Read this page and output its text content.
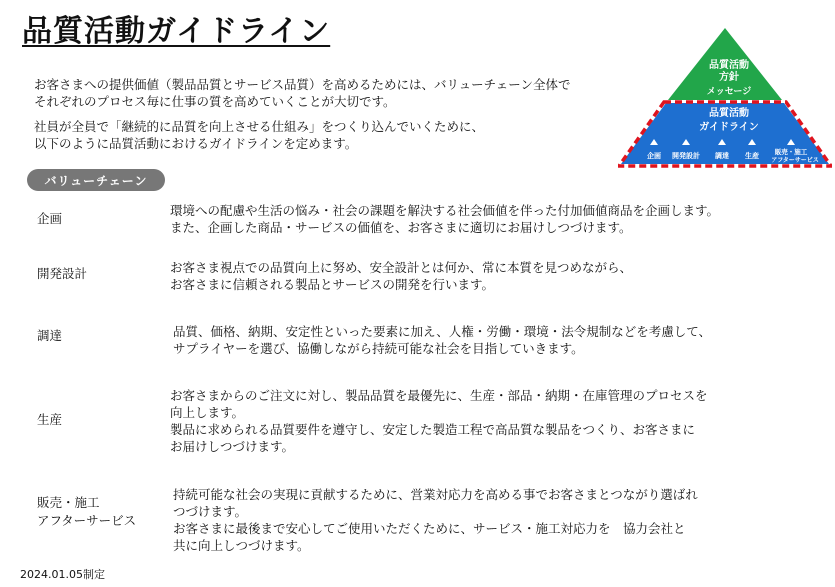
品質活動ガイドライン
お客さまへの提供価値（製品品質とサービス品質）を高めるためには、バリューチェーン全体で
それぞれのプロセス毎に仕事の質を高めていくことが大切です。
社員が全員で「継続的に品質を向上させる仕組み」をつくり込んでいくために、
以下のように品質活動におけるガイドラインを定めます。
品質活動
方針
メッセージ
品質活動
ガイドライン
企画 開発設計 調達 生産 販売・施工
アフターサービス
バリューチェーン
企画
環境への配慮や生活の悩み・社会の課題を解決する社会価値を伴った付加価値商品を企画します。
また、企画した商品・サービスの価値を、お客さまに適切にお届けしつづけます。
開発設計	お客さま視点での品質向上に努め、安全設計とは何か、常に本質を見つめながら、
お客さまに信頼される製品とサービスの開発を行います。
調達	品質、価格、納期、安定性といった要素に加え、人権・労働・環境・法令規制などを考慮して、
サプライヤーを選び、協働しながら持続可能な社会を目指していきます。
生産
お客さまからのご注文に対し、製品品質を最優先に、生産・部品・納期・在庫管理のプロセスを
向上します。
製品に求められる品質要件を遵守し、安定した製造工程で高品質な製品をつくり、お客さまに
お届けしつづけます。
販売・施工
アフターサービス
持続可能な社会の実現に貢献するために、営業対応力を高める事でお客さまとつながり選ばれ
つづけます。
お客さまに最後まで安心してご使用いただくために、サービス・施工対応力を　協力会社と
共に向上しつづけます。
2024.01.05制定
